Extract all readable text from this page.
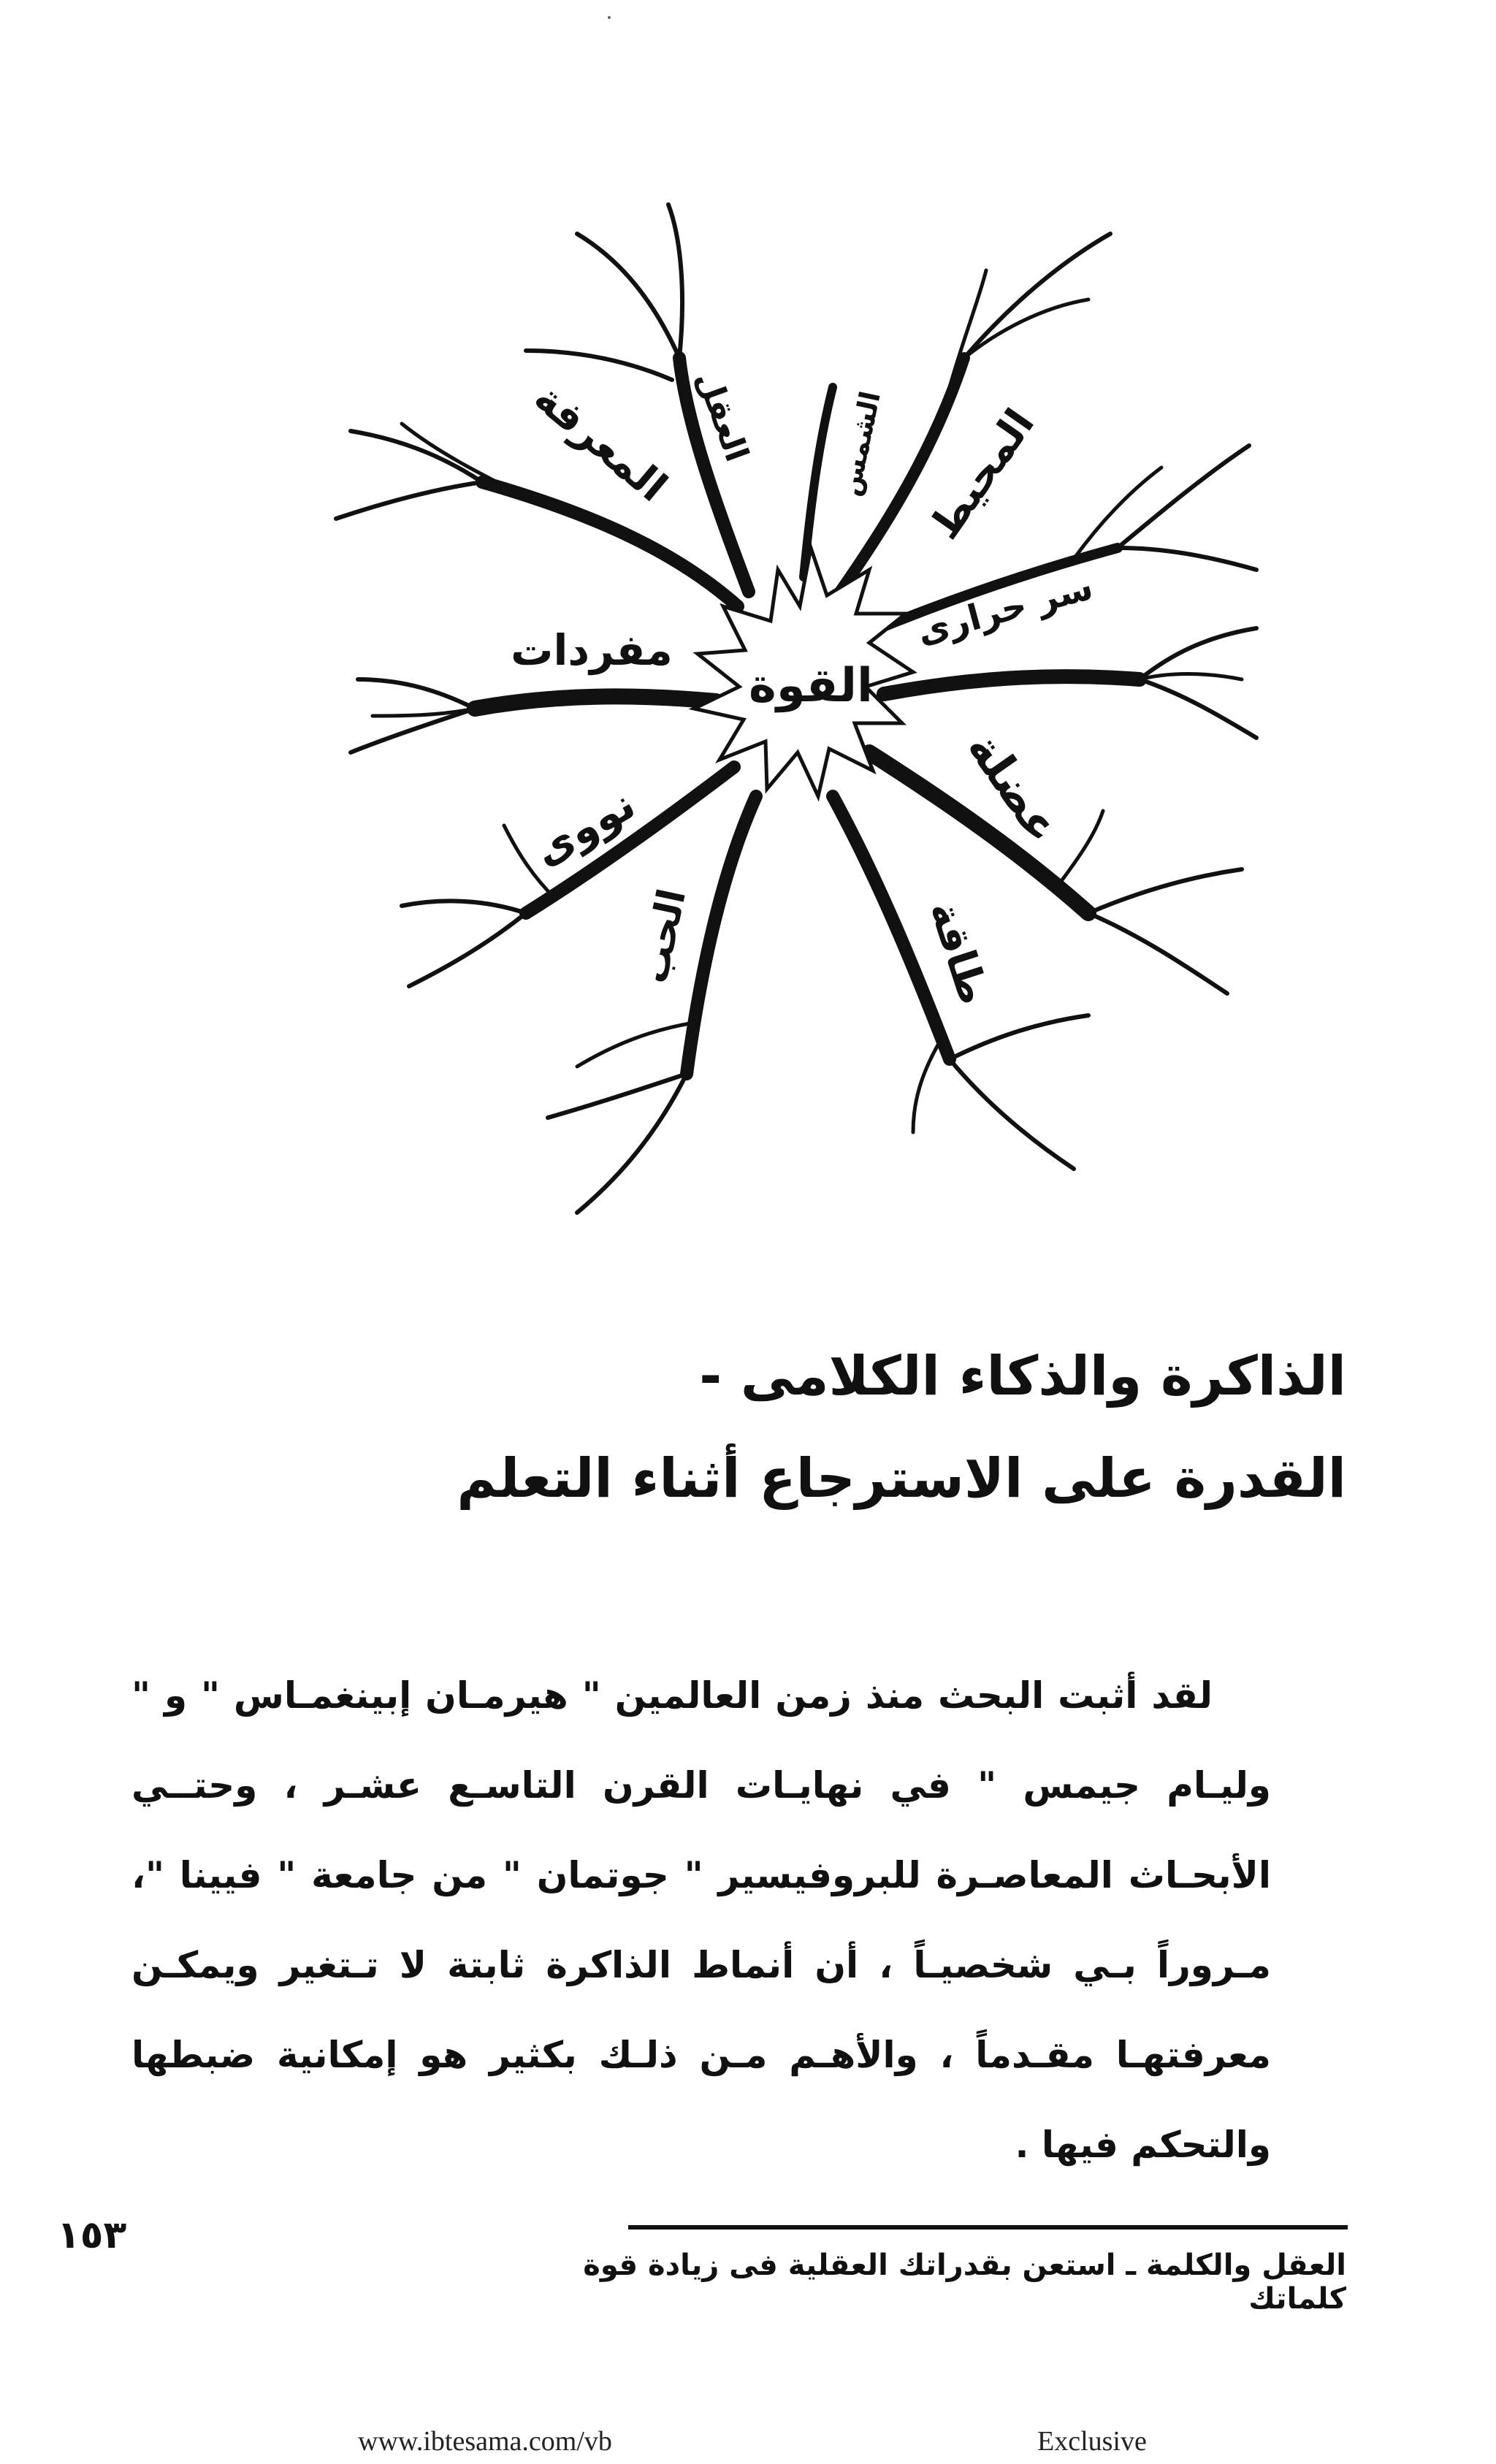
القوة
العقل
المعرفة
مفردات
نووى
الحب
الشمس المحيط
سر حرارى
عضلة
طاقة
الذاكرة والذكاء الكلامى -
القدرة على الاسترجاع أثناء التعلم

لقد أثبت البحث منذ زمن العالمين " هيرمـان إبينغمـاس " و " وليـام جيمس " في نهايـات القرن التاسـع عشـر ، وحتــي الأبحـاث المعاصـرة للبروفيسير " جوتمان " من جامعة " فيينا "، مـروراً بـي شخصيـاً ، أن أنماط الذاكرة ثابتة لا تـتغير ويمكـن معرفتهـا مقـدماً ، والأهـم مـن ذلـك بكثير هو إمكانية ضبطها والتحكم فيها .

١٥٣
العقل والكلمة ـ استعن بقدراتك العقلية فى زيادة قوة كلماتك
www.ibtesama.com/vb	Exclusive
